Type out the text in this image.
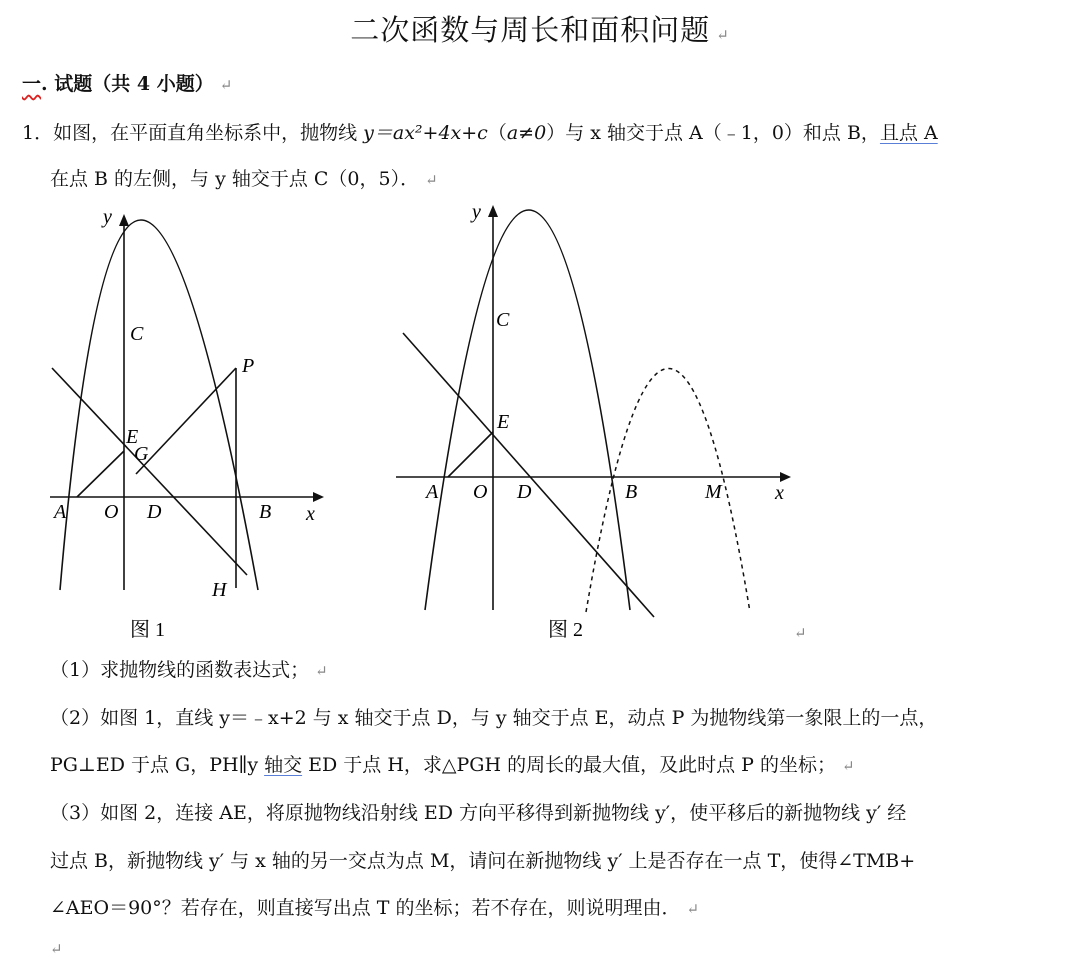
二次函数与周长和面积问题 ↵
一. 试题（共 4 小题） ↵
1．如图，在平面直角坐标系中，抛物线 y＝ax²+4x+c（a≠0）与 x 轴交于点 A（﹣1，0）和点 B，且点 A
在点 B 的左侧，与 y 轴交于点 C（0，5）． ↵
y
x
A O D	B
C
E
G
P
H
图 1
y
x
A O D	B	M
C
E
图 2	↵
（1）求抛物线的函数表达式； ↵
（2）如图 1，直线 y＝﹣x+2 与 x 轴交于点 D，与 y 轴交于点 E，动点 P 为抛物线第一象限上的一点，
PG⊥ED 于点 G，PH∥y 轴交 ED 于点 H，求△PGH 的周长的最大值，及此时点 P 的坐标； ↵
（3）如图 2，连接 AE，将原抛物线沿射线 ED 方向平移得到新抛物线 y′，使平移后的新抛物线 y′ 经
过点 B，新抛物线 y′ 与 x 轴的另一交点为点 M，请问在新抛物线 y′ 上是否存在一点 T，使得∠TMB+
∠AEO＝90°？若存在，则直接写出点 T 的坐标；若不存在，则说明理由． ↵
↵
